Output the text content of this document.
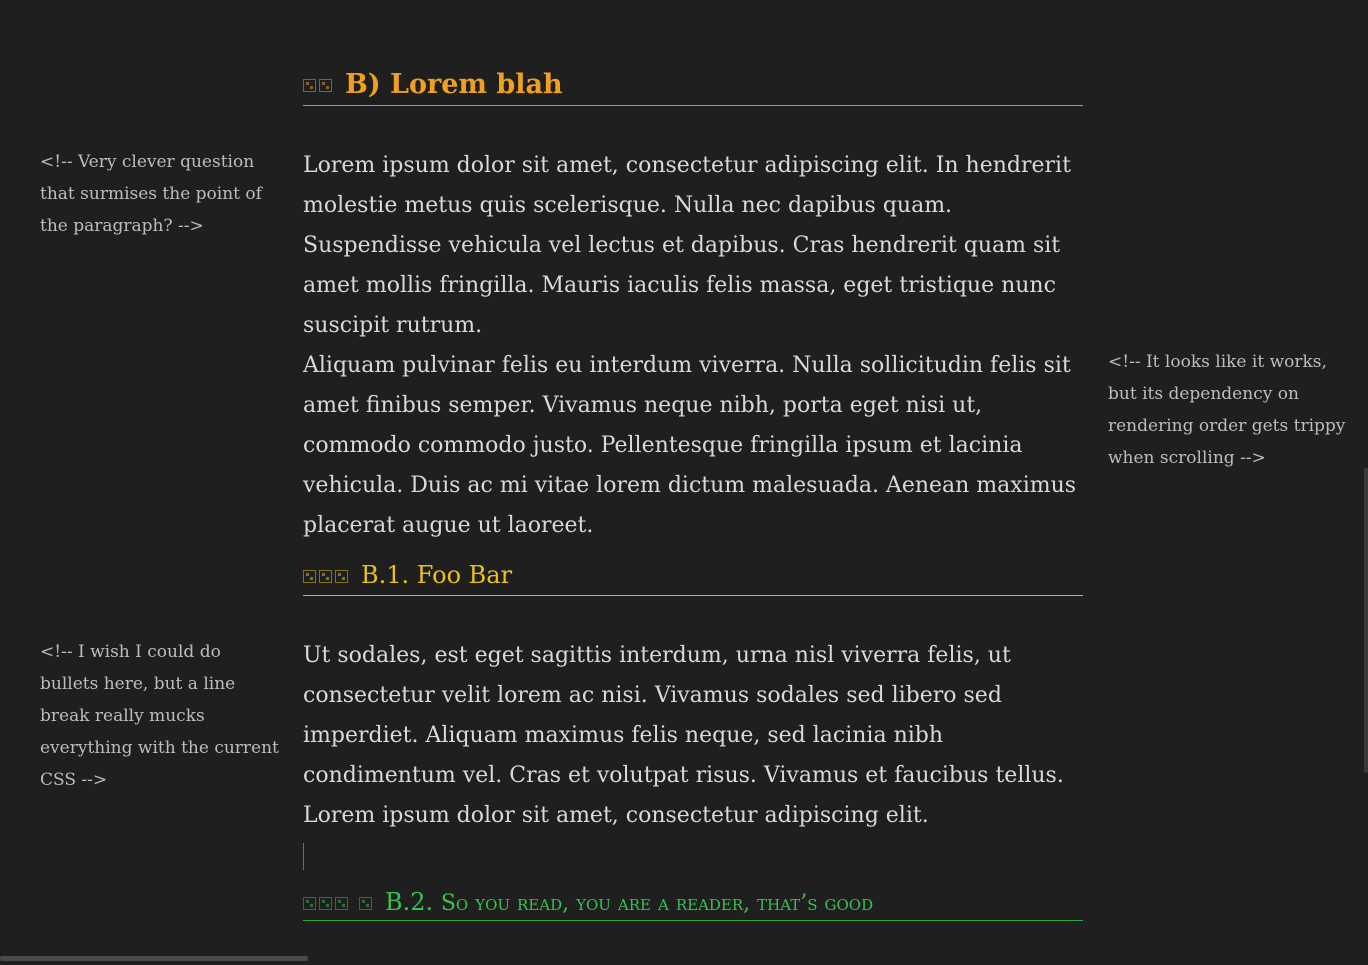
<!-- Very clever question that surmises the point of the paragraph? -->

B) Lorem blah

Lorem ipsum dolor sit amet, consectetur adipiscing elit. In hendrerit molestie metus quis scelerisque. Nulla nec dapibus quam. Suspendisse vehicula vel lectus et dapibus. Cras hendrerit quam sit amet mollis fringilla. Mauris iaculis felis massa, eget tristique nunc suscipit rutrum.

Aliquam pulvinar felis eu interdum viverra. Nulla sollicitudin felis sit amet finibus semper. Vivamus neque nibh, porta eget nisi ut, commodo commodo justo. Pellentesque fringilla ipsum et lacinia vehicula. Duis ac mi vitae lorem dictum malesuada. Aenean maximus placerat augue ut laoreet.

B.1. Foo Bar

Ut sodales, est eget sagittis interdum, urna nisl viverra felis, ut consectetur velit lorem ac nisi. Vivamus sodales sed libero sed imperdiet. Aliquam maximus felis neque, sed lacinia nibh condimentum vel. Cras et volutpat risus. Vivamus et faucibus tellus. Lorem ipsum dolor sit amet, consectetur adipiscing elit.

B.2. So you read, you are a reader, that’s good

<!-- It looks like it works, but its dependency on rendering order gets trippy when scrolling -->

<!-- I wish I could do bullets here, but a line break really mucks everything with the current CSS -->
